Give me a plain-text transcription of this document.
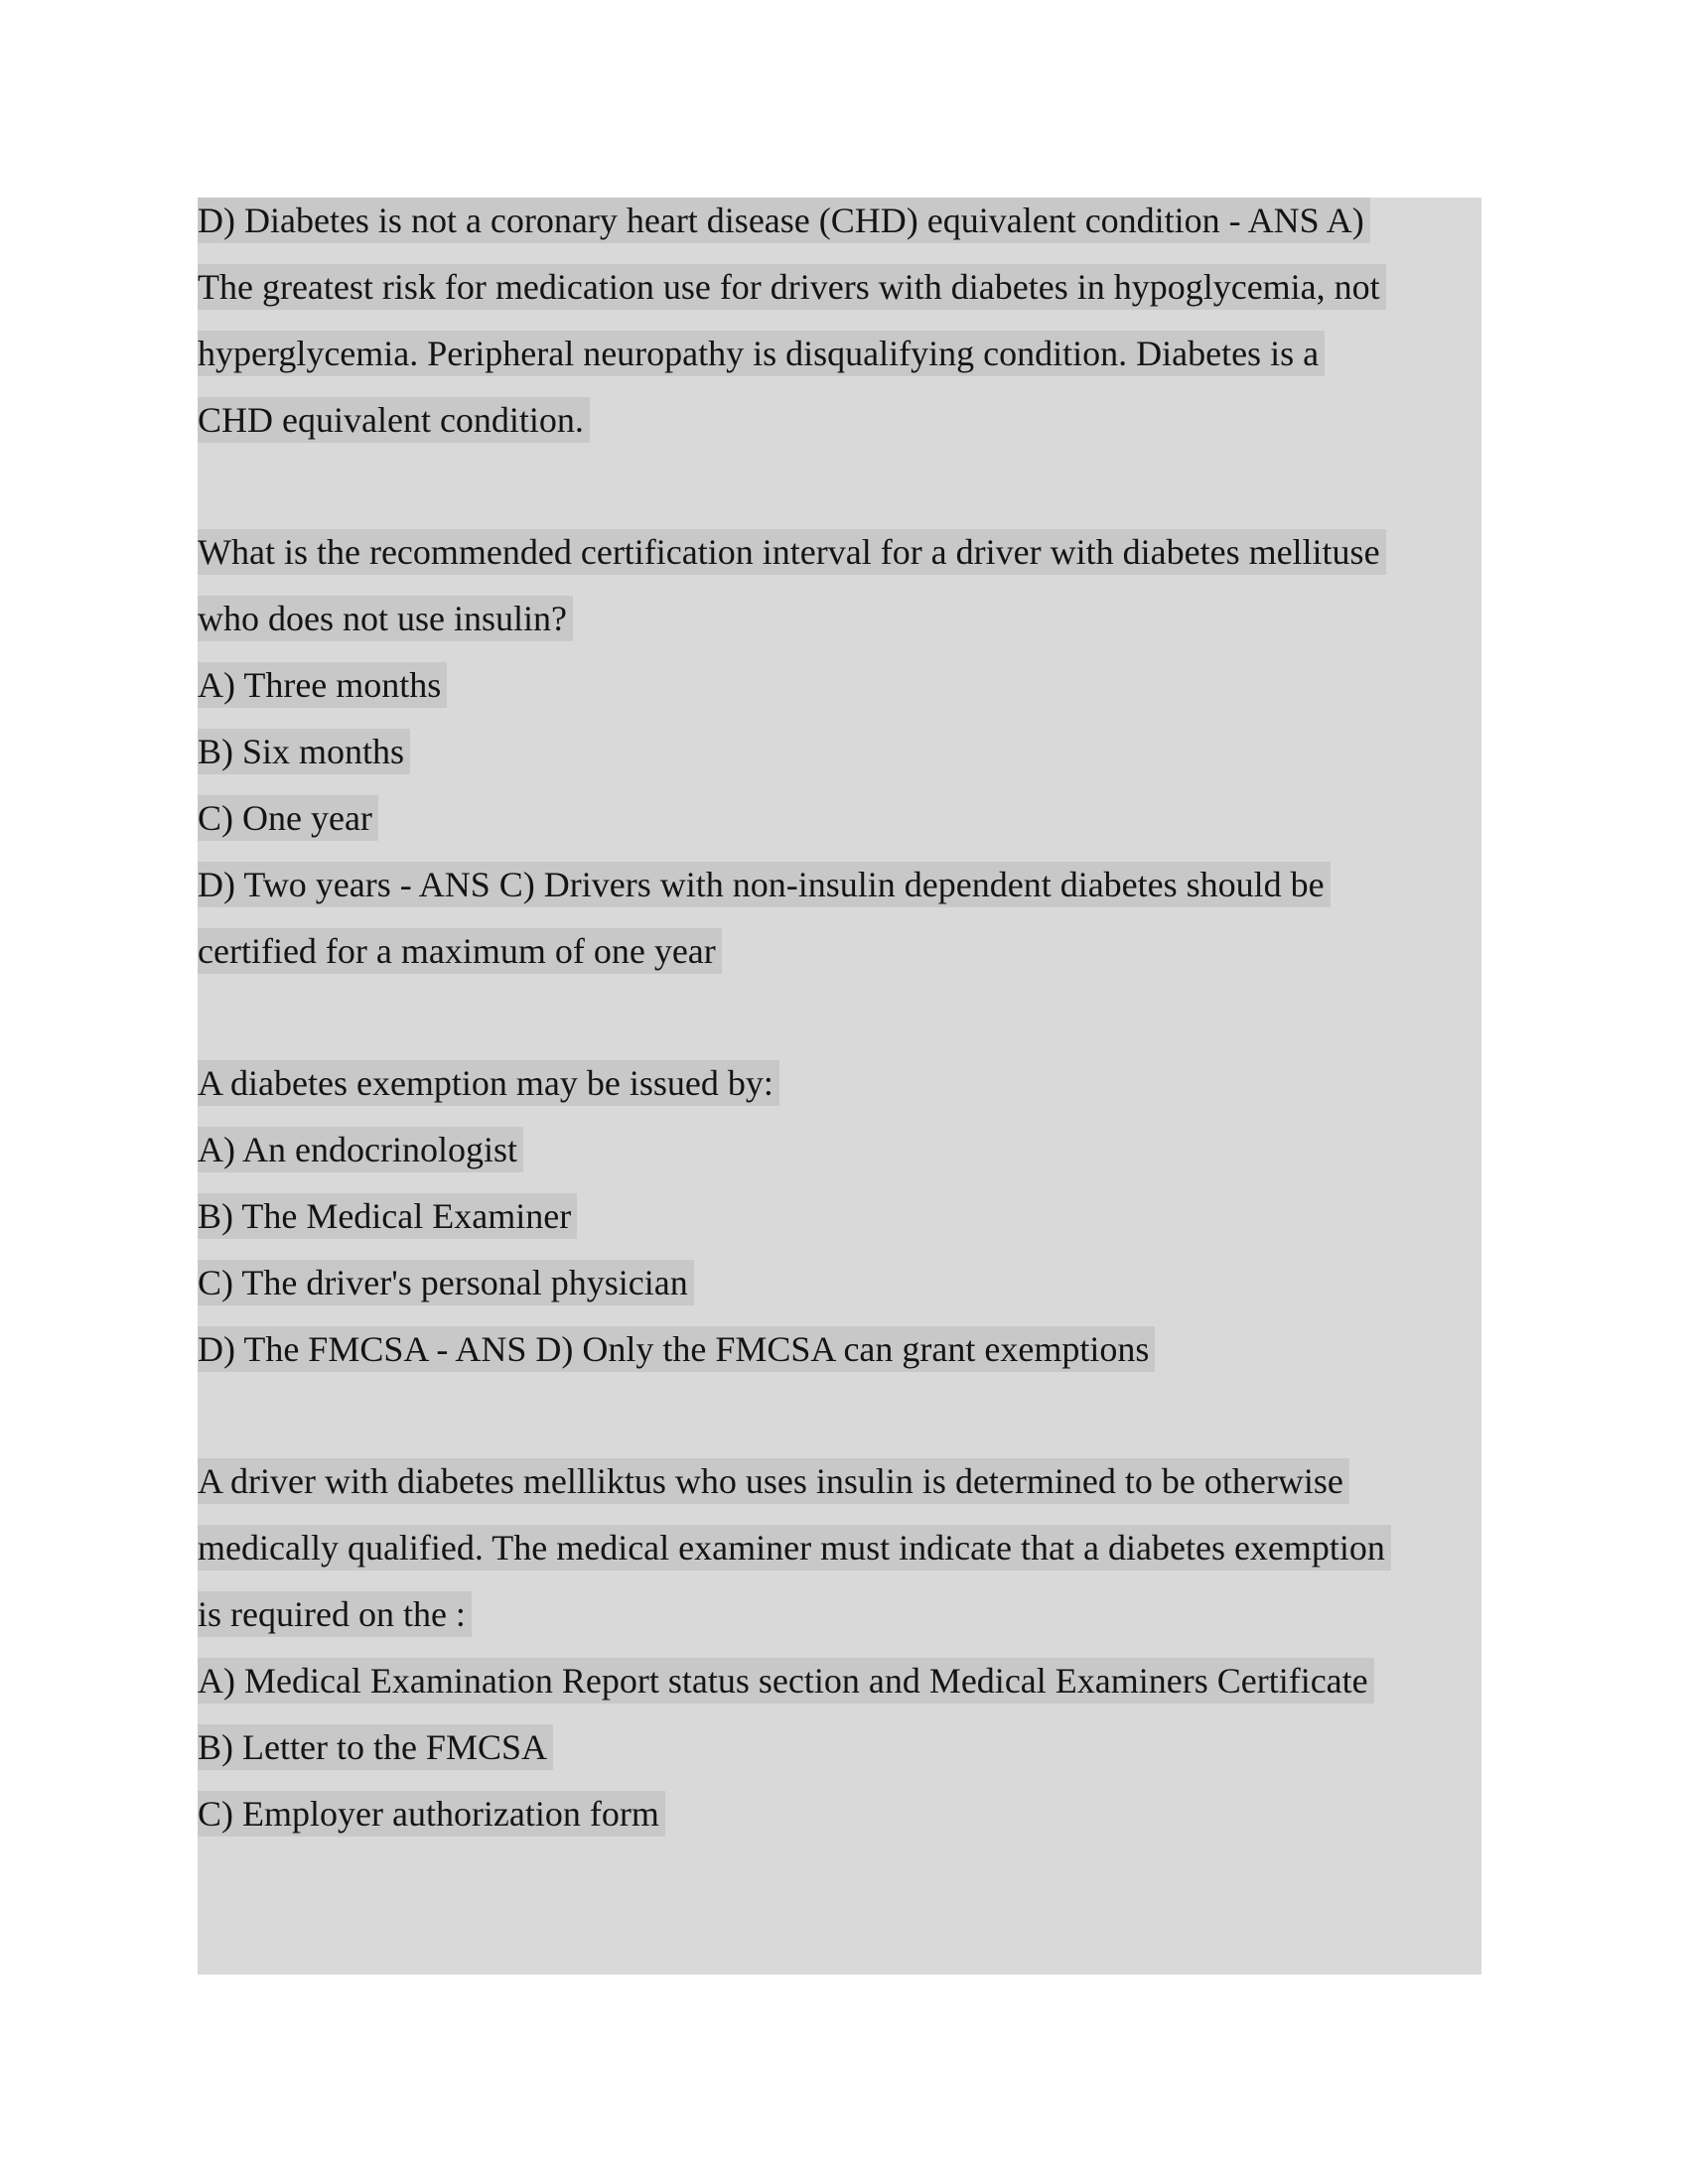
D) Diabetes is not a coronary heart disease (CHD) equivalent condition - ANS A)
The greatest risk for medication use for drivers with diabetes in hypoglycemia, not
hyperglycemia. Peripheral neuropathy is disqualifying condition. Diabetes is a
CHD equivalent condition.
What is the recommended certification interval for a driver with diabetes mellituse
who does not use insulin?
A) Three months
B) Six months
C) One year
D) Two years - ANS C) Drivers with non-insulin dependent diabetes should be
certified for a maximum of one year
A diabetes exemption may be issued by:
A) An endocrinologist
B) The Medical Examiner
C) The driver's personal physician
D) The FMCSA - ANS D) Only the FMCSA can grant exemptions
A driver with diabetes mellliktus who uses insulin is determined to be otherwise
medically qualified. The medical examiner must indicate that a diabetes exemption
is required on the :
A) Medical Examination Report status section and Medical Examiners Certificate
B) Letter to the FMCSA
C) Employer authorization form
